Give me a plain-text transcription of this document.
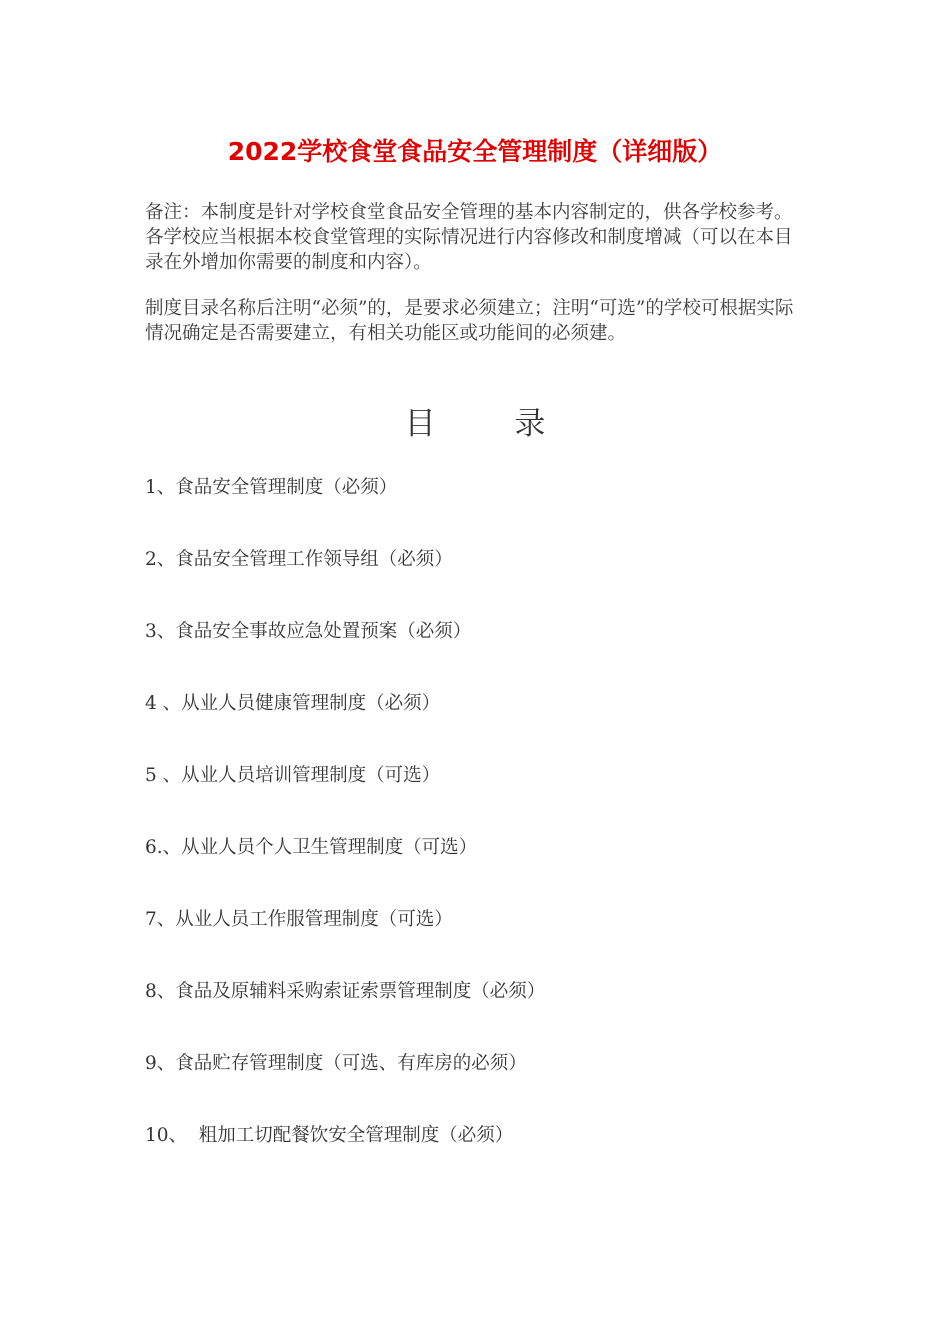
2022学校食堂食品安全管理制度（详细版）
备注：本制度是针对学校食堂食品安全管理的基本内容制定的，供各学校参考。各学校应当根据本校食堂管理的实际情况进行内容修改和制度增减（可以在本目录在外增加你需要的制度和内容）。
制度目录名称后注明“必须”的，是要求必须建立；注明“可选”的学校可根据实际情况确定是否需要建立，有相关功能区或功能间的必须建。
目        录
1、食品安全管理制度（必须）
2、食品安全管理工作领导组（必须）
3、食品安全事故应急处置预案（必须）
4 、从业人员健康管理制度（必须）
5 、从业人员培训管理制度（可选）
6.、从业人员个人卫生管理制度（可选）
7、从业人员工作服管理制度（可选）
8、食品及原辅料采购索证索票管理制度（必须）
9、食品贮存管理制度（可选、有库房的必须）
10、  粗加工切配餐饮安全管理制度（必须）
